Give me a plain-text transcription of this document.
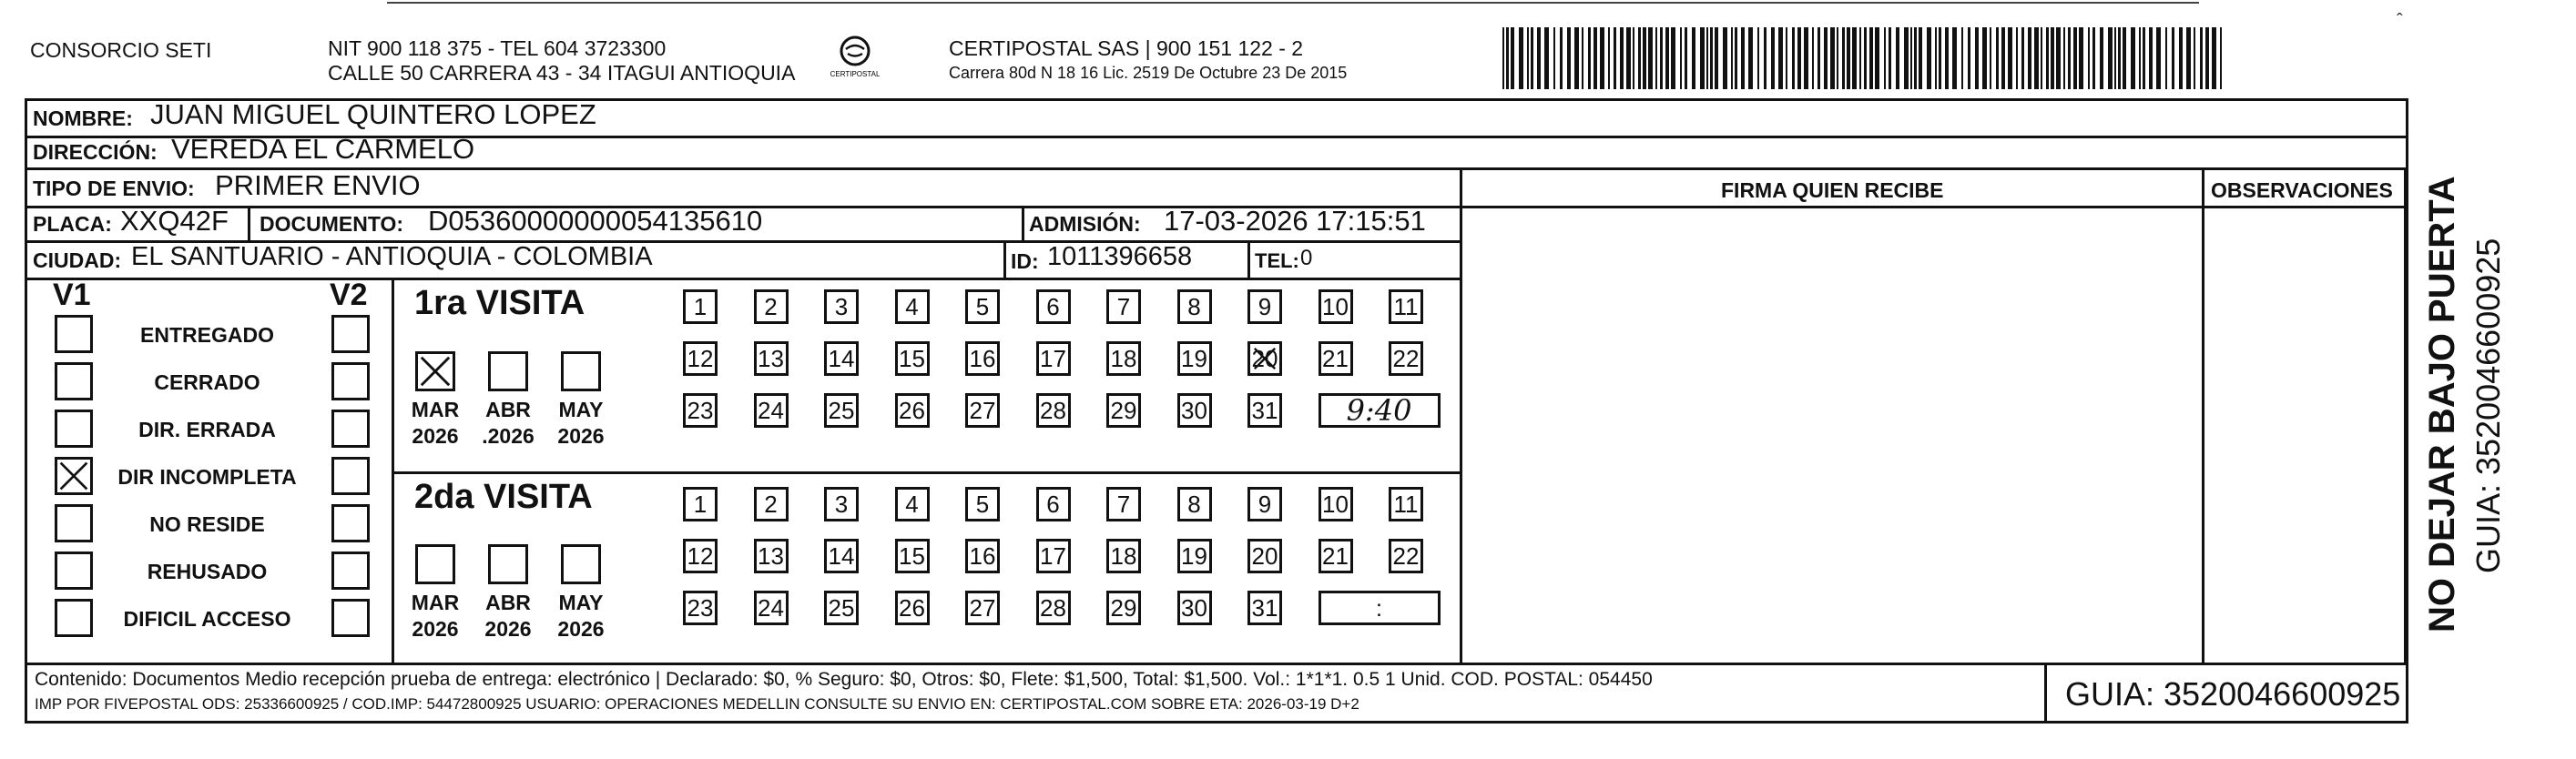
CONSORCIO SETI	NIT 900 118 375 - TEL 604 3723300
CALLE 50 CARRERA 43 - 34 ITAGUI ANTIOQUIA	CERTIPOSTAL
CERTIPOSTAL SAS | 900 151 122 - 2
Carrera 80d N 18 16 Lic. 2519 De Octubre 23 De 2015
ˆ
NOMBRE: JUAN MIGUEL QUINTERO LOPEZ
DIRECCIÓN: VEREDA EL CARMELO
TIPO DE ENVIO: PRIMER ENVIO
PLACA: XXQ42F DOCUMENTO: D05360000000054135610	ADMISIÓN: 17-03-2026 17:15:51
CIUDAD: EL SANTUARIO - ANTIOQUIA - COLOMBIA	ID: 1011396658	TEL: 0
FIRMA QUIEN RECIBE	OBSERVACIONES
V1	V2
ENTREGADO
CERRADO
DIR. ERRADA
DIR INCOMPLETA
NO RESIDE
REHUSADO
DIFICIL ACCESO
1ra VISITA
2da VISITA
MAR
2026
ABR
.2026
MAY
2026
MAR
2026
ABR
2026
MAY
2026
1	2	3	4	5	6	7	8	9	10 11
12 13 14 15 16 17 18 19 20 21 22
23 24 25 26 27 28 29 30 31	9:40
1	2	3	4	5	6	7	8	9	10 11
12 13 14 15 16 17 18 19 20 21 22
23 24 25 26 27 28 29 30 31	:	NO DEJAR BAJO PUERTA GUIA: 3520046600925
Contenido: Documentos Medio recepción prueba de entrega: electrónico | Declarado: $0, % Seguro: $0, Otros: $0, Flete: $1,500, Total: $1,500. Vol.: 1*1*1. 0.5 1 Unid. COD. POSTAL: 054450
IMP POR FIVEPOSTAL ODS: 25336600925 / COD.IMP: 54472800925 USUARIO: OPERACIONES MEDELLIN CONSULTE SU ENVIO EN: CERTIPOSTAL.COM SOBRE ETA: 2026-03-19 D+2	GUIA: 3520046600925
